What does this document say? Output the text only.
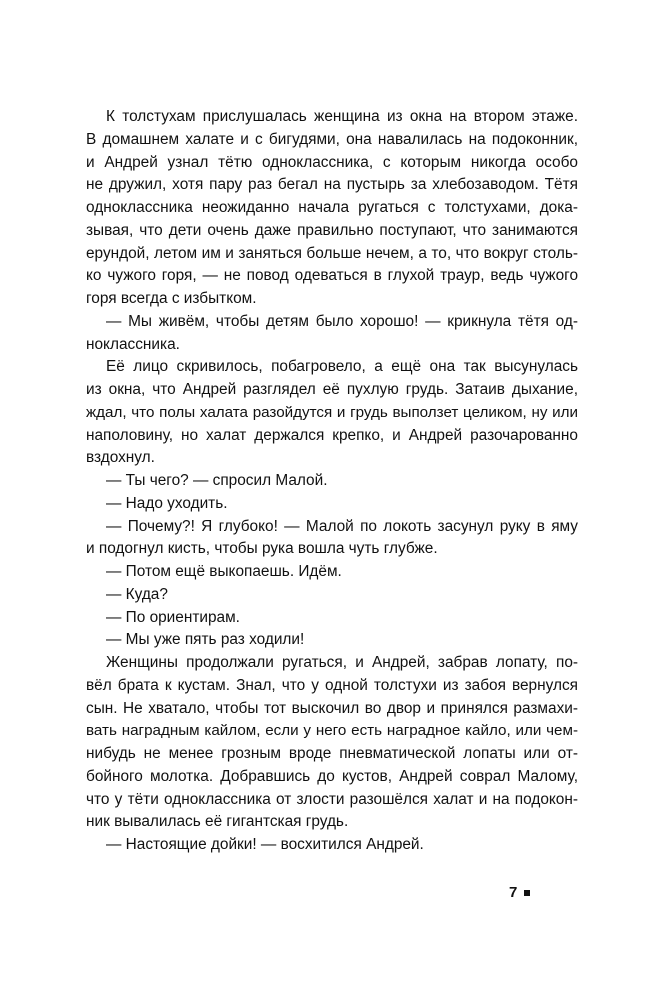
К толстухам прислушалась женщина из окна на втором этаже.
В домашнем халате и с бигудями, она навалилась на подоконник,
и Андрей узнал тётю одноклассника, с которым никогда особо
не дружил, хотя пару раз бегал на пустырь за хлебозаводом. Тётя
одноклассника неожиданно начала ругаться с толстухами, дока-
зывая, что дети очень даже правильно поступают, что занимаются
ерундой, летом им и заняться больше нечем, а то, что вокруг столь-
ко чужого горя, — не повод одеваться в глухой траур, ведь чужого
горя всегда с избытком.
— Мы живём, чтобы детям было хорошо! — крикнула тётя од-
ноклассника.
Её лицо скривилось, побагровело, а ещё она так высунулась
из окна, что Андрей разглядел её пухлую грудь. Затаив дыхание,
ждал, что полы халата разойдутся и грудь выползет целиком, ну или
наполовину, но халат держался крепко, и Андрей разочарованно
вздохнул.
— Ты чего? — спросил Малой.
— Надо уходить.
— Почему?! Я глубоко! — Малой по локоть засунул руку в яму
и подогнул кисть, чтобы рука вошла чуть глубже.
— Потом ещё выкопаешь. Идём.
— Куда?
— По ориентирам.
— Мы уже пять раз ходили!
Женщины продолжали ругаться, и Андрей, забрав лопату, по-
вёл брата к кустам. Знал, что у одной толстухи из забоя вернулся
сын. Не хватало, чтобы тот выскочил во двор и принялся размахи-
вать наградным кайлом, если у него есть наградное кайло, или чем-
нибудь не менее грозным вроде пневматической лопаты или от-
бойного молотка. Добравшись до кустов, Андрей соврал Малому,
что у тёти одноклассника от злости разошёлся халат и на подокон-
ник вывалилась её гигантская грудь.
— Настоящие дойки! — восхитился Андрей.
7
